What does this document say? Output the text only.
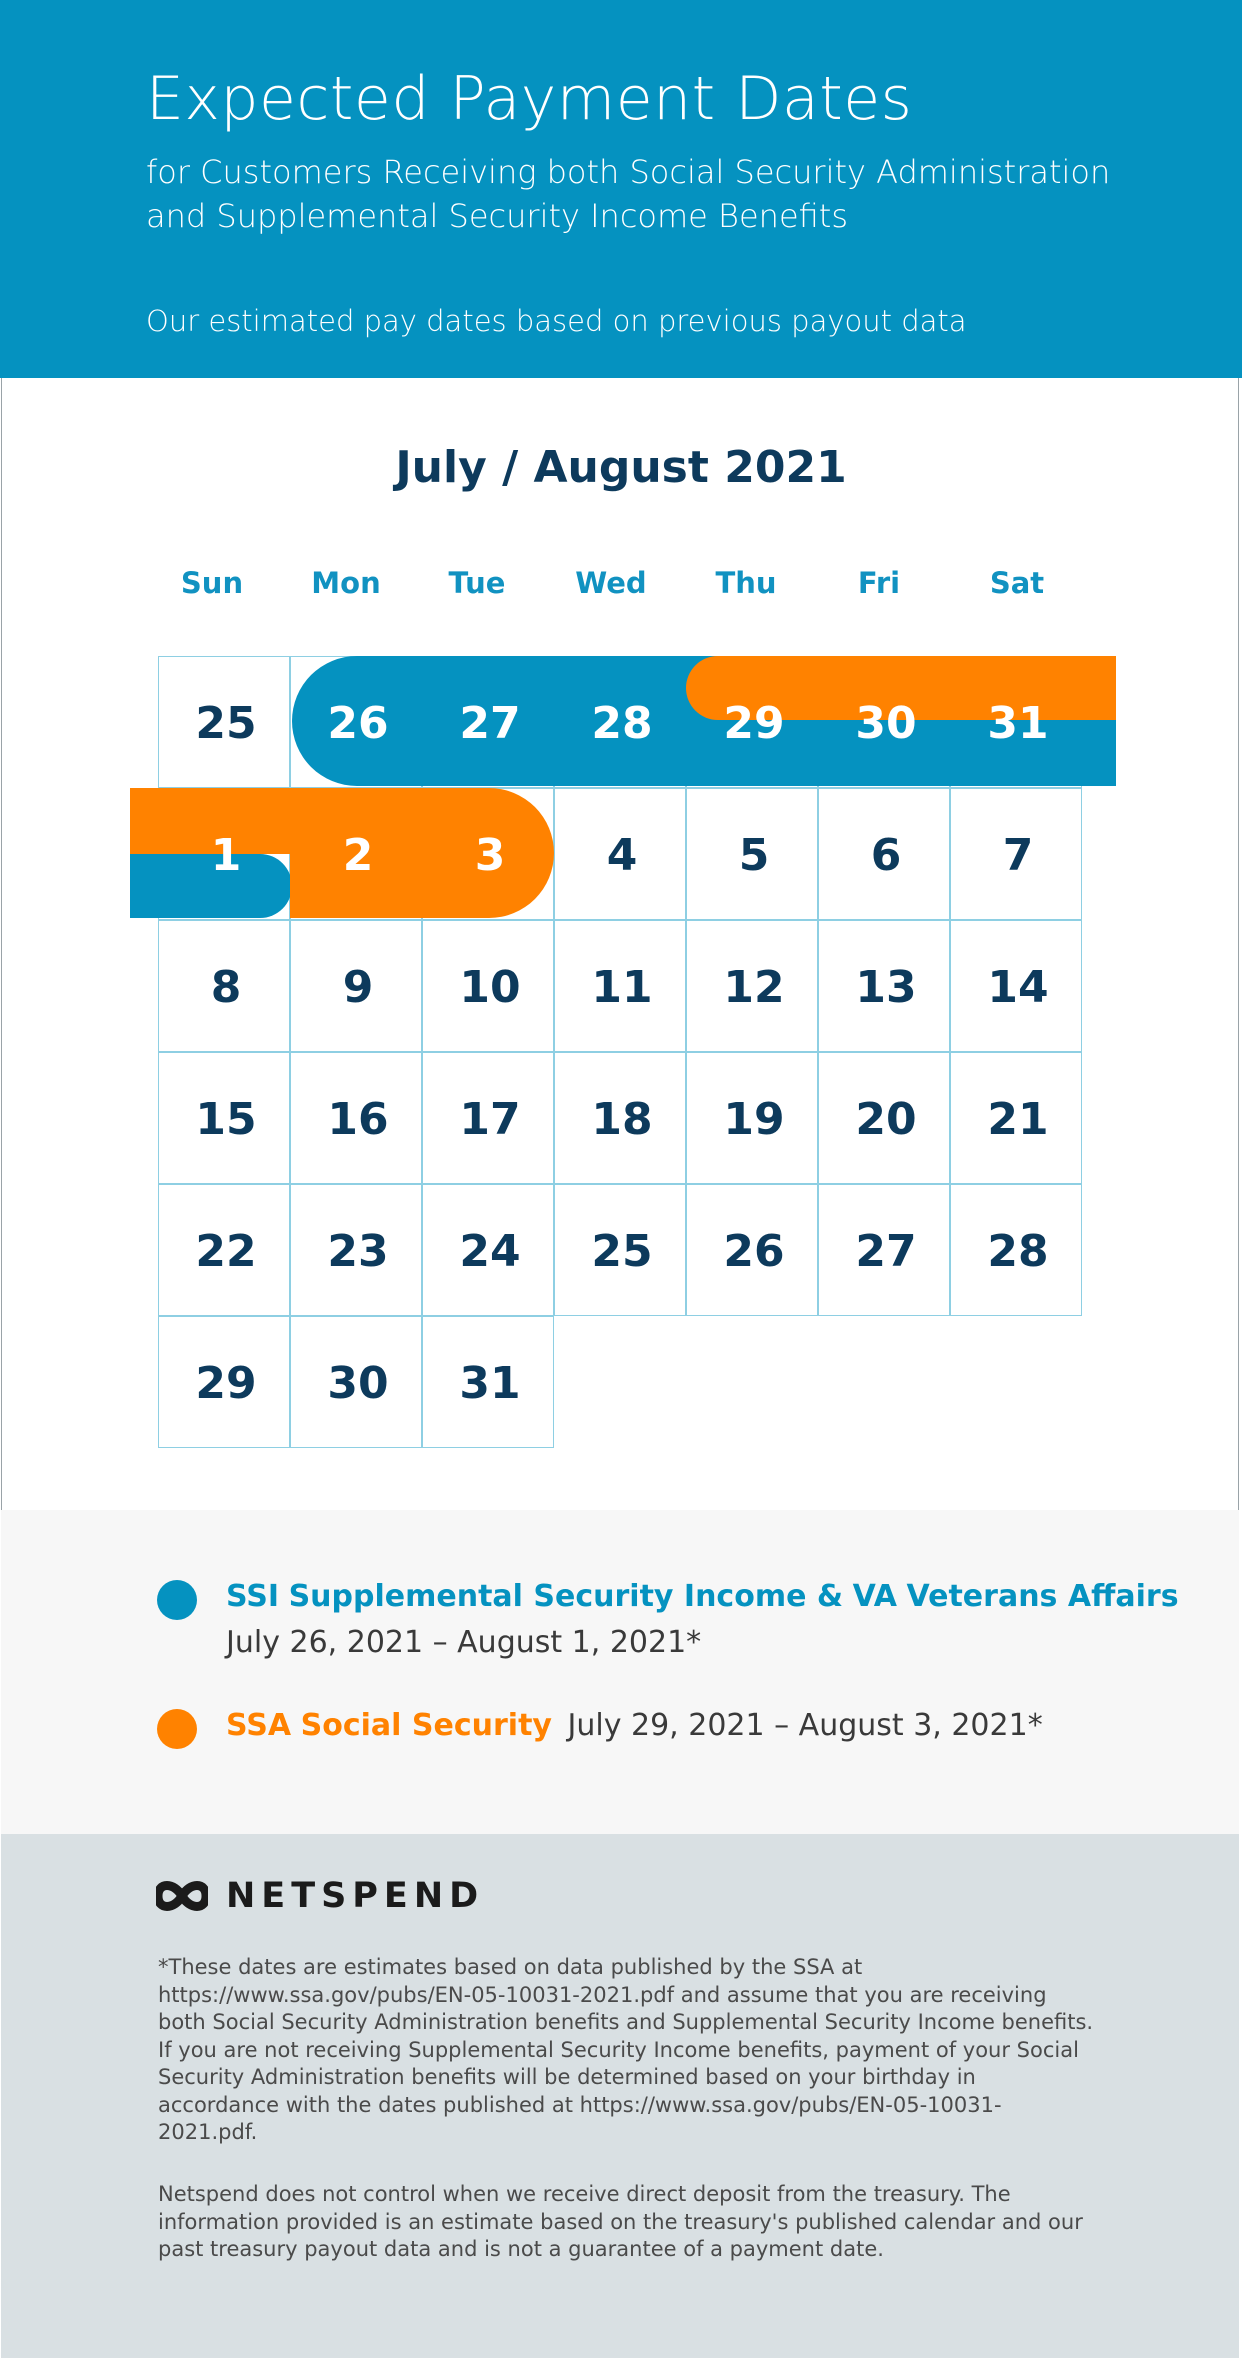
Expected Payment Dates
for Customers Receiving both Social Security Administration and Supplemental Security Income Benefits
Our estimated pay dates based on previous payout data
July / August 2021
Sun	Mon	Tue	Wed	Thu	Fri	Sat
25	26	27	28	29	30	31
1	2	3	4	5	6	7
8	9	10	11	12	13	14
15	16	17	18	19	20	21
22	23	24	25	26	27	28
29	30	31
SSI Supplemental Security Income & VA Veterans Affairs
July 26, 2021 – August 1, 2021*
SSA Social Security July 29, 2021 – August 3, 2021*
NETSPEND
*These dates are estimates based on data published by the SSA at https://www.ssa.gov/pubs/EN-05-10031-2021.pdf and assume that you are receiving both Social Security Administration benefits and Supplemental Security Income benefits. If you are not receiving Supplemental Security Income benefits, payment of your Social Security Administration benefits will be determined based on your birthday in accordance with the dates published at https://www.ssa.gov/pubs/EN-05-10031-2021.pdf.
Netspend does not control when we receive direct deposit from the treasury. The information provided is an estimate based on the treasury's published calendar and our past treasury payout data and is not a guarantee of a payment date.
